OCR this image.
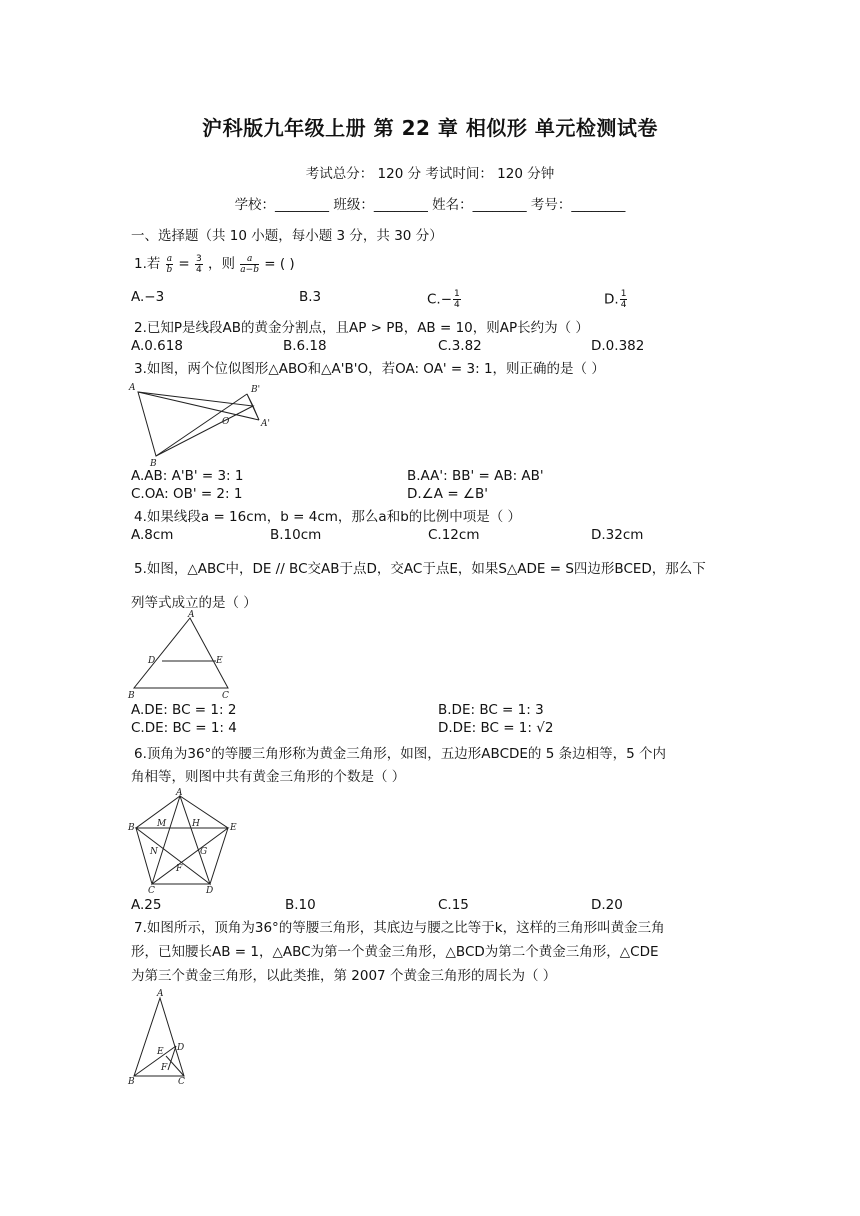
沪科版九年级上册 第 22 章 相似形 单元检测试卷
考试总分： 120 分 考试时间： 120 分钟
学校：________ 班级：________ 姓名：________ 考号：________
一、选择题（共 10 小题，每小题 3 分，共 30 分）
1.若 $\frac{a}{b} = \frac{3}{4}$ ，则 $\frac{a}{a-b}$ = ( )
A.−3	B.3	$C.- \frac{1}{4}$	D. $\frac{1}{4}$
2.已知P是线段AB的黄金分割点，且AP > PB，AB = 10，则AP长约为（ ）
A.0.618	B.6.18	C.3.82	D.0.382
3.如图，两个位似图形△ABO和△A'B'O，若OA: OA' = 3: 1，则正确的是（ ）
A
B
O
B'
A'
A.AB: A'B' = 3: 1	B.AA': BB' = AB: AB'
C.OA: OB' = 2: 1	D.∠A = ∠B'
4.如果线段a = 16cm，b = 4cm，那么a和b的比例中项是（ ）
A.8cm	B.10cm	C.12cm	D.32cm
5.如图，△ABC中，DE // BC交AB于点D，交AC于点E，如果S△ADE = S四边形BCED，那么下
列等式成立的是（ ）
A
D	E
B	C
A.DE: BC = 1: 2	B.DE: BC = 1: 3
C.DE: BC = 1: 4	D.DE: BC = 1: √2
6.顶角为36°的等腰三角形称为黄金三角形，如图，五边形ABCDE的 5 条边相等，5 个内
角相等，则图中共有黄金三角形的个数是（ ）
A
B	E
M	H
N	G
F
C	D
A.25	B.10	C.15	D.20
7.如图所示，顶角为36°的等腰三角形，其底边与腰之比等于k，这样的三角形叫黄金三角
形，已知腰长AB = 1，△ABC为第一个黄金三角形，△BCD为第二个黄金三角形，△CDE
为第三个黄金三角形，以此类推，第 2007 个黄金三角形的周长为（ ）
A
E D
F
B	C
